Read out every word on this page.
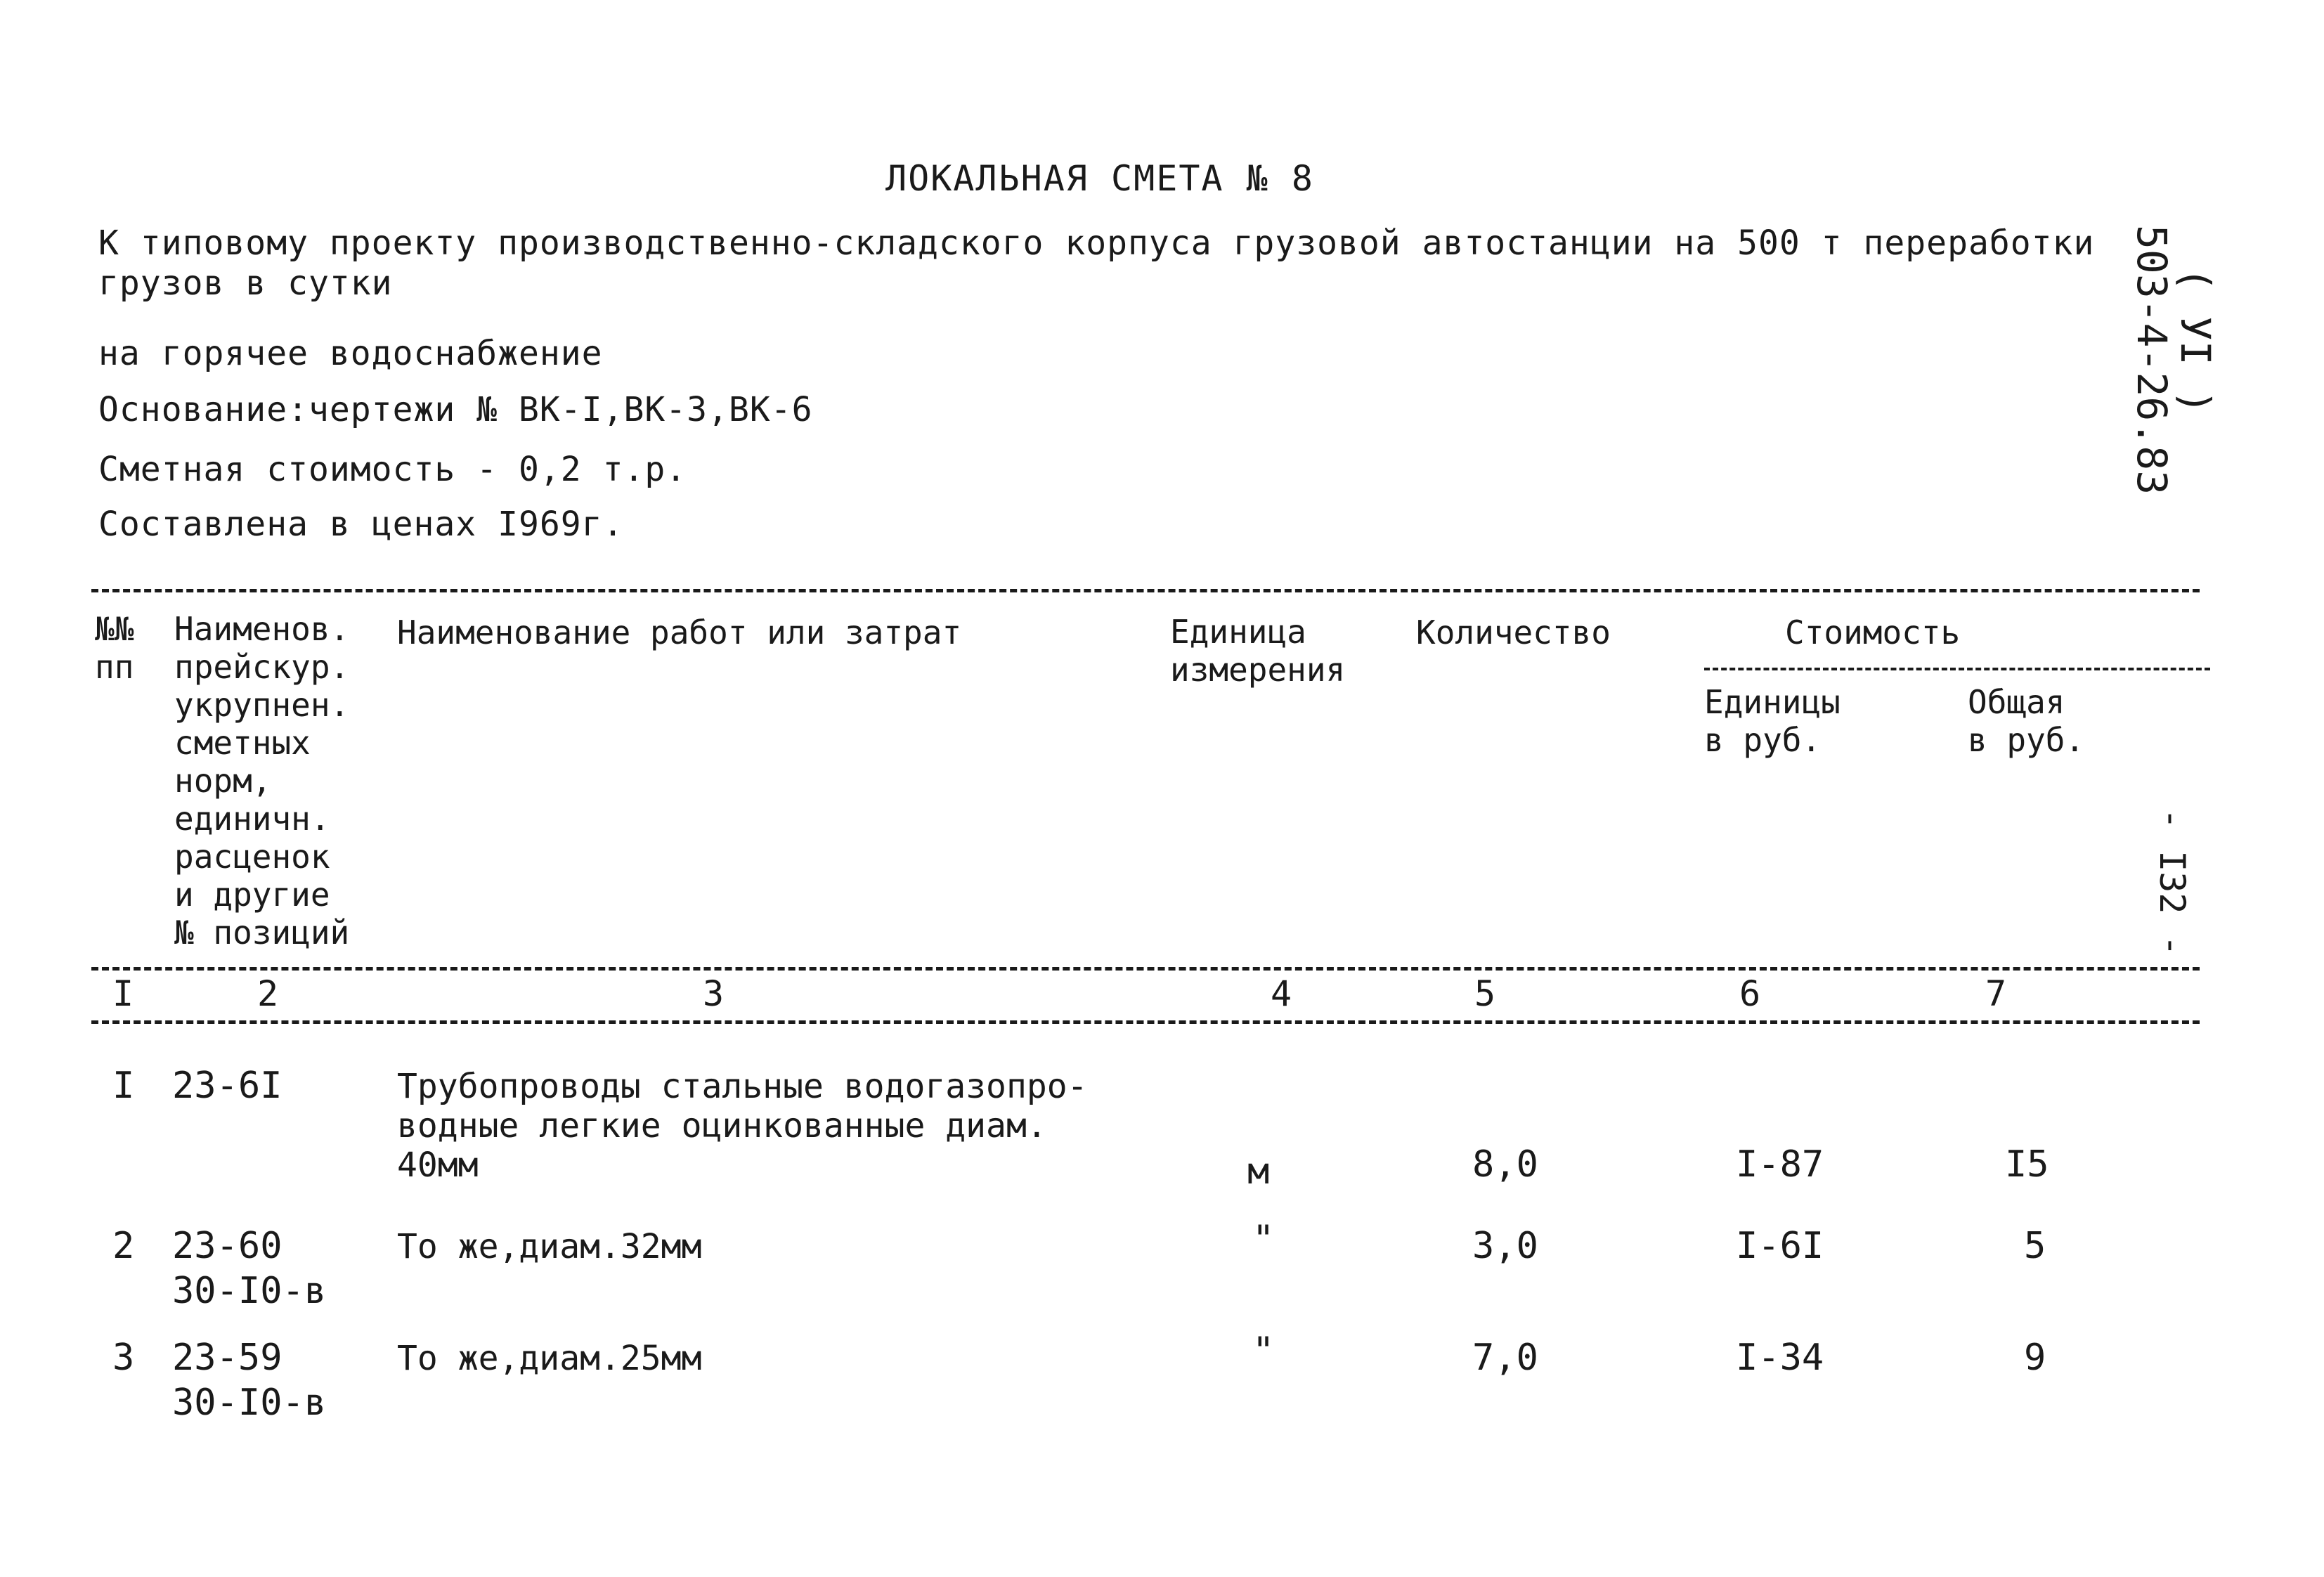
ЛОКАЛЬНАЯ СМЕТА № 8
К типовому проекту производственно-складского корпуса грузовой автостанции на 500 т переработки
грузов в сутки
на горячее водоснабжение
Основание:чертежи № ВК-I,ВК-3,ВК-6
Сметная стоимость - 0,2 т.р.
Составлена в ценах I969г.
( УI )
503-4-26.83
- I32 -
№№
пп
Наименов.
прейскур.
укрупнен.
сметных
норм,
единичн.
расценок
и другие
№ позиций
Наименование работ или затрат	Единица
измерения
Количество	Стоимость
Единицы
в руб.
Общая
в руб.
I	2	3	4	5	6	7
I 23-6I	Трубопроводы стальные водогазопро-
водные легкие оцинкованные диам.
40мм	м	8,0	I-87	I5
2 23-60
30-I0-в
То же,диам.32мм	"	3,0	I-6I	5
3 23-59
30-I0-в
То же,диам.25мм	"	7,0	I-34	9
